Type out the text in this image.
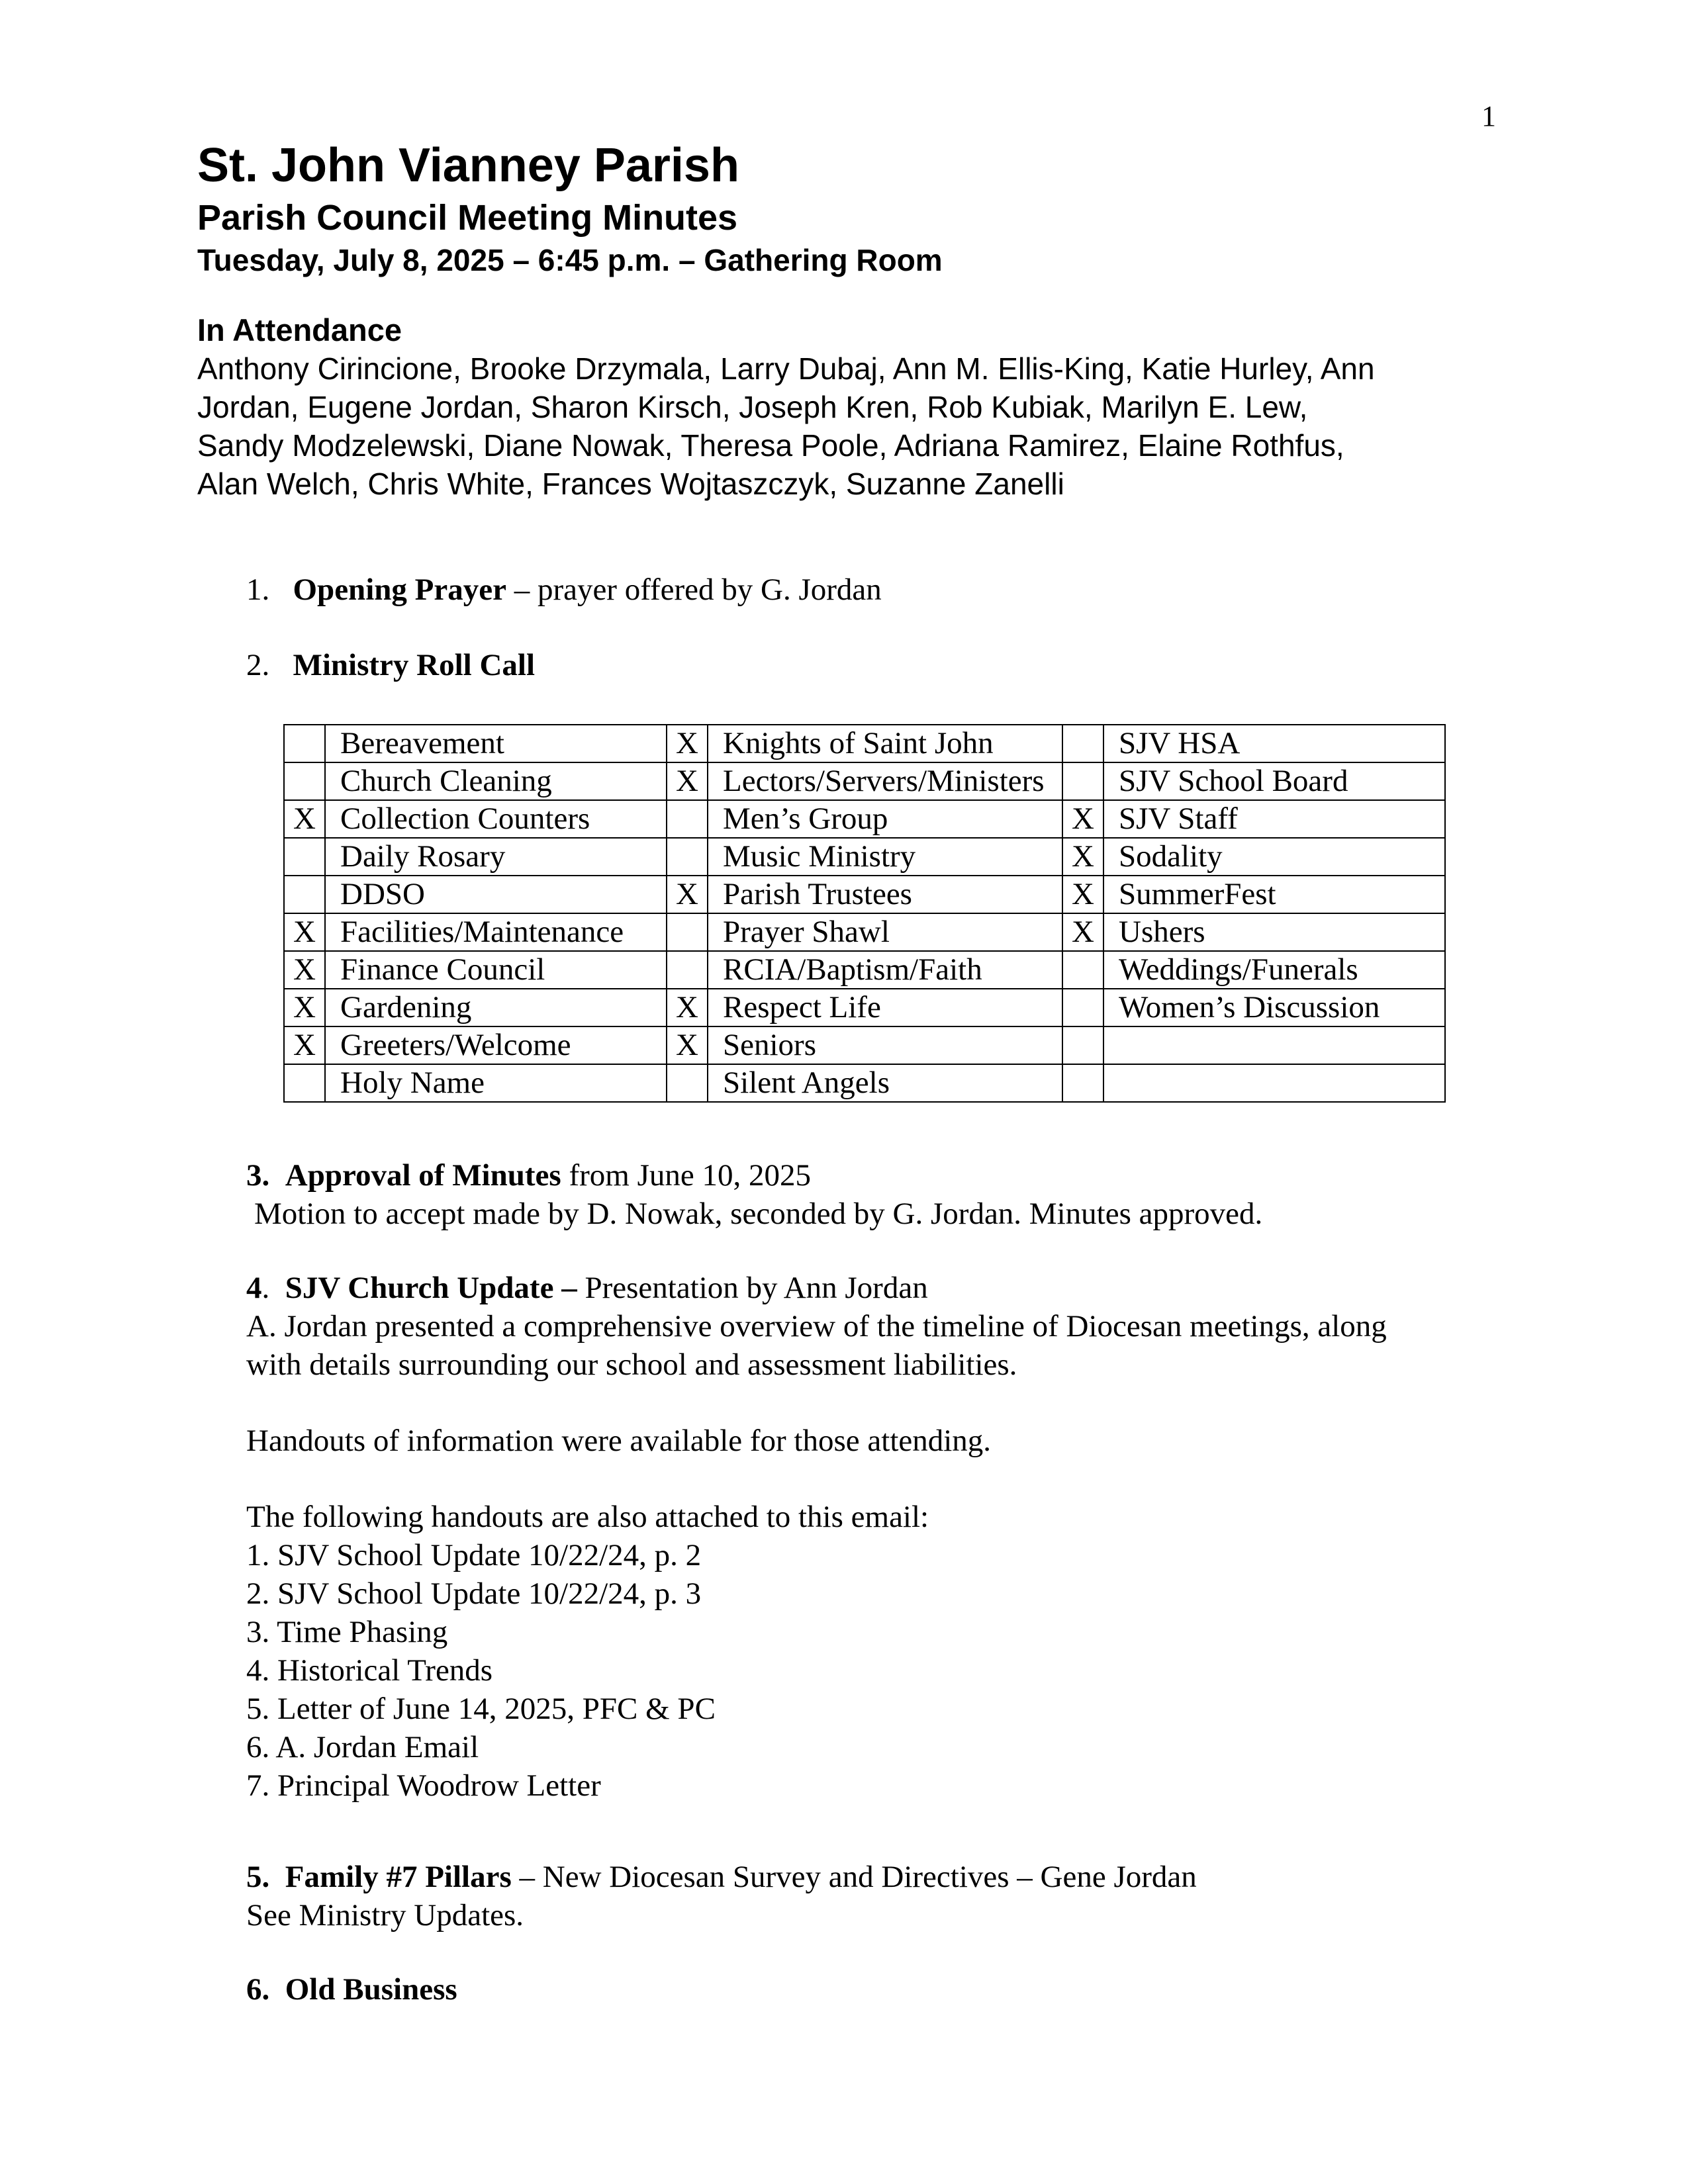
1
St. John Vianney Parish
Parish Council Meeting Minutes
Tuesday, July 8, 2025 – 6:45 p.m. – Gathering Room
In Attendance
Anthony Cirincione, Brooke Drzymala, Larry Dubaj, Ann M. Ellis-King, Katie Hurley, Ann
Jordan, Eugene Jordan, Sharon Kirsch, Joseph Kren, Rob Kubiak, Marilyn E. Lew,
Sandy Modzelewski, Diane Nowak, Theresa Poole, Adriana Ramirez, Elaine Rothfus,
Alan Welch, Chris White, Frances Wojtaszczyk, Suzanne Zanelli
1. Opening Prayer – prayer offered by G. Jordan
2. Ministry Roll Call
	Bereavement	X	Knights of Saint John		SJV HSA
	Church Cleaning	X	Lectors/Servers/Ministers		SJV School Board
X	Collection Counters		Men’s Group	X	SJV Staff
	Daily Rosary		Music Ministry	X	Sodality
	DDSO	X	Parish Trustees	X	SummerFest
X	Facilities/Maintenance		Prayer Shawl	X	Ushers
X	Finance Council		RCIA/Baptism/Faith		Weddings/Funerals
X	Gardening	X	Respect Life		Women’s Discussion
X	Greeters/Welcome	X	Seniors		
	Holy Name		Silent Angels		
3. Approval of Minutes from June 10, 2025
Motion to accept made by D. Nowak, seconded by G. Jordan. Minutes approved.
4.  SJV Church Update – Presentation by Ann Jordan
A. Jordan presented a comprehensive overview of the timeline of Diocesan meetings, along
with details surrounding our school and assessment liabilities.
Handouts of information were available for those attending.
The following handouts are also attached to this email:
1. SJV School Update 10/22/24, p. 2
2. SJV School Update 10/22/24, p. 3
3. Time Phasing
4. Historical Trends
5. Letter of June 14, 2025, PFC & PC
6. A. Jordan Email
7. Principal Woodrow Letter
5. Family #7 Pillars – New Diocesan Survey and Directives – Gene Jordan
See Ministry Updates.
6. Old Business
